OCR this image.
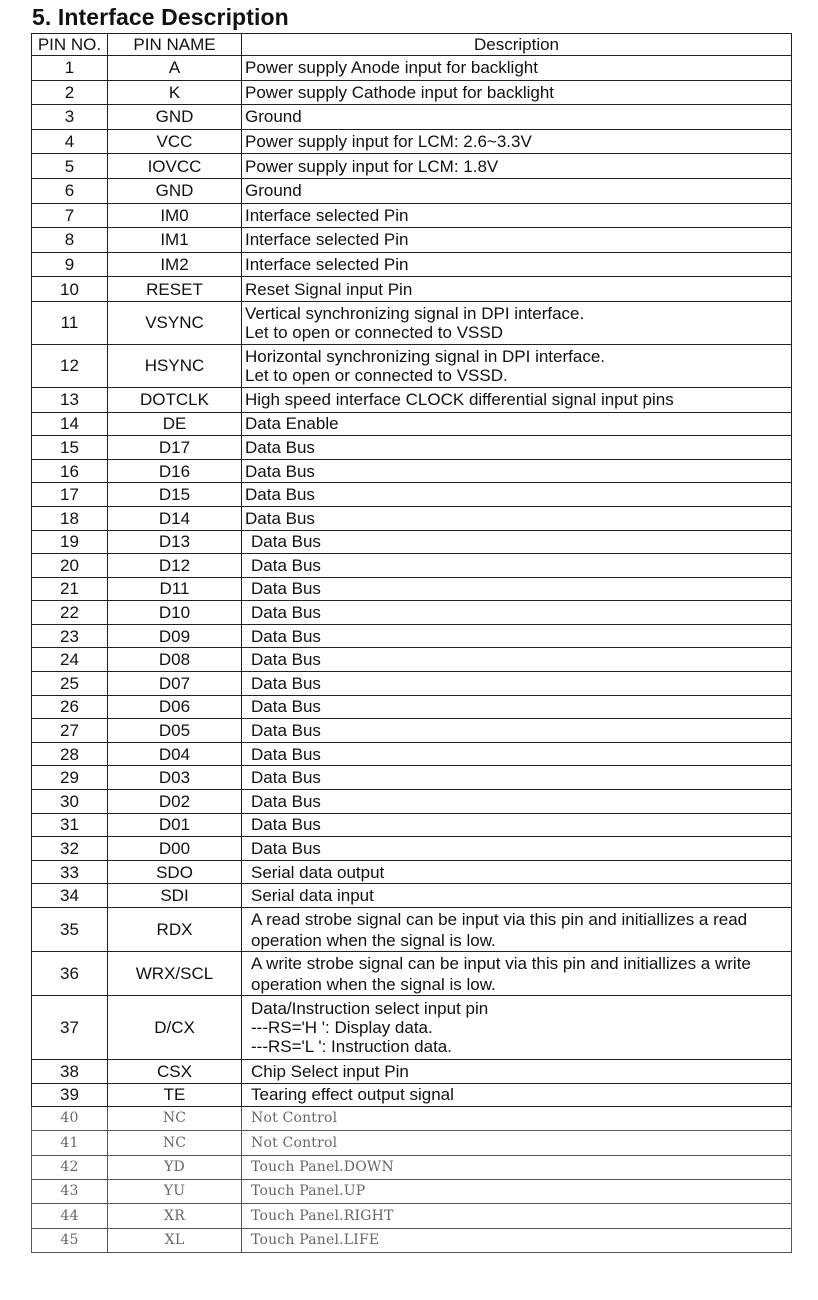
5. Interface Description
PIN NO.	PIN NAME	Description
1	A	Power supply Anode input for backlight

2	K	Power supply Cathode input for backlight

3	GND	Ground

4	VCC	Power supply input for LCM: 2.6~3.3V

5	IOVCC	Power supply input for LCM: 1.8V

6	GND	Ground

7	IM0	Interface selected Pin

8	IM1	Interface selected Pin

9	IM2	Interface selected Pin

10	RESET	Reset Signal input Pin

11	VSYNC	Vertical synchronizing signal in DPI interface.
Let to open or connected to VSSD

12	HSYNC	Horizontal synchronizing signal in DPI interface.
Let to open or connected to VSSD.

13	DOTCLK	High speed interface CLOCK differential signal input pins

14	DE	Data Enable

15	D17	Data Bus

16	D16	Data Bus

17	D15	Data Bus

18	D14	Data Bus

19	D13	Data Bus

20	D12	Data Bus

21	D11	Data Bus

22	D10	Data Bus

23	D09	Data Bus

24	D08	Data Bus

25	D07	Data Bus

26	D06	Data Bus

27	D05	Data Bus

28	D04	Data Bus

29	D03	Data Bus

30	D02	Data Bus

31	D01	Data Bus

32	D00	Data Bus

33	SDO	Serial data output

34	SDI	Serial data input

35	RDX	A read strobe signal can be input via this pin and initiallizes a read operation when the signal is low.

36	WRX/SCL	A write strobe signal can be input via this pin and initiallizes a write operation when the signal is low.

37	D/CX	Data/Instruction select input pin
---RS='H ': Display data.
---RS='L ': Instruction data.

38	CSX	Chip Select input Pin

39	TE	Tearing effect output signal

40	NC	Not Control

41	NC	Not Control

42	YD	Touch Panel.DOWN

43	YU	Touch Panel.UP

44	XR	Touch Panel.RIGHT

45	XL	Touch Panel.LIFE
